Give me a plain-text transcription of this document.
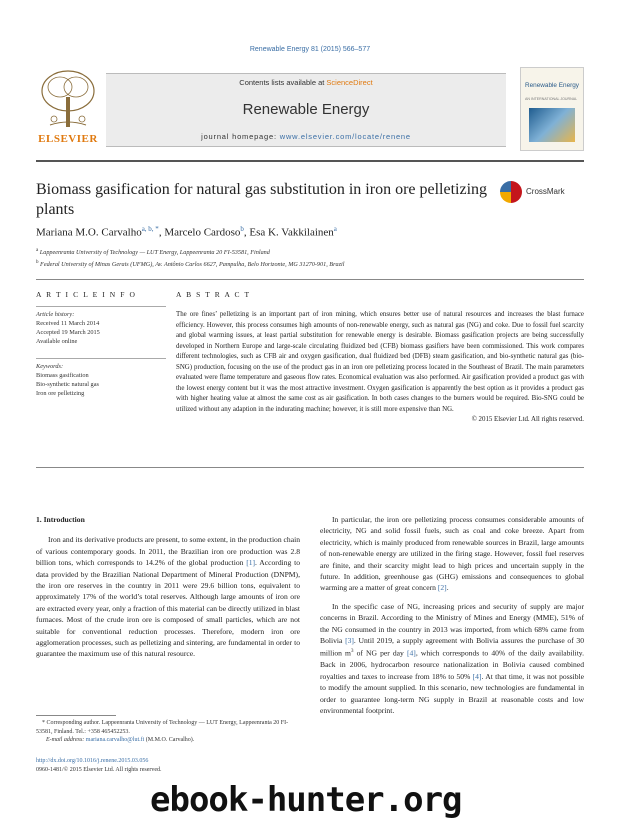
Renewable Energy 81 (2015) 566–577
ELSEVIER
Contents lists available at ScienceDirect
Renewable Energy
journal homepage: www.elsevier.com/locate/renene
Renewable Energy
AN INTERNATIONAL JOURNAL
Biomass gasification for natural gas substitution in iron ore pelletizing plants
CrossMark
Mariana M.O. Carvalho$^{a, b, *}$, Marcelo Cardoso$^b$, Esa K. Vakkilainen$^a$
$^a$ Lappeenranta University of Technology — LUT Energy, Lappeenranta 20 FI-53581, Finland
$^b$ Federal University of Minas Gerais (UFMG), Av. Antônio Carlos 6627, Pampulha, Belo Horizonte, MG 31270-901, Brazil
A R T I C L E I N F O
Article history:
Received 11 March 2014
Accepted 19 March 2015
Available online
Keywords:
Biomass gasification
Bio-synthetic natural gas
Iron ore pelletizing
A B S T R A C T
The ore fines’ pelletizing is an important part of iron mining, which ensures better use of natural resources and increases the blast furnace efficiency. However, this process consumes high amounts of non-renewable energy, such as natural gas (NG) and coke. Due to fossil fuel scarcity and global warming issues, at least partial substitution for renewable energy is desirable. Biomass gasification projects are being successfully developed in Northern Europe and large-scale circulating fluidized bed (CFB) biomass gasifiers have been commissioned. This work compares different technologies, such as CFB air and oxygen gasification, dual fluidized bed (DFB) steam gasification, and bio-synthetic natural gas (bio-SNG) production, focusing on the use of the product gas in an iron ore pelletizing process located in the Southeast of Brazil. The main parameters evaluated were flame temperature and gaseous flow rates. Economical evaluation was also performed. Air gasification provided a product gas with the lowest energy content but it was the most attractive investment. Oxygen gasification is apparently the best option as it provides a product gas with higher heating value at almost the same cost as air gasification. In both cases changes to the burners would be required. Bio-SNG could be utilized without any adaption in the indurating machine; however, it is still more expensive than NG.
© 2015 Elsevier Ltd. All rights reserved.
1. Introduction

Iron and its derivative products are present, to some extent, in the production chain of various contemporary goods. In 2011, the Brazilian iron ore production was 2.8 billion tons, which corresponds to 14.2% of the global production [1]. According to data provided by the Brazilian National Department of Mineral Production (DNPM), the iron ore reserves in the country in 2011 were 29.6 billion tons, equivalent to approximately 17% of the world’s total reserves. Although large amounts of iron ore are extracted every year, only a fraction of this material can be directly utilized in blast furnaces. Most of the crude iron ore is composed of small particles, which are not suitable for conventional reduction processes. Therefore, modern iron ore agglomeration processes, such as pelletizing and sintering, are fundamental in order to guarantee the maximum use of this natural resource.

In particular, the iron ore pelletizing process consumes considerable amounts of electricity, NG and solid fossil fuels, such as coal and coke breeze. Apart from electricity, which is mainly produced from renewable sources in Brazil, large amounts of non-renewable energy are utilized in the firing stage. However, fossil fuel reserves are finite, and their scarcity might lead to high prices and uncertain supply in the future. In addition, greenhouse gas (GHG) emissions and consequences to global warming are a matter of great concern [2].

In the specific case of NG, increasing prices and security of supply are major concerns in Brazil. According to the Ministry of Mines and Energy (MME), 51% of the NG consumed in the country in 2013 was imported, from which 68% came from Bolivia [3]. Until 2019, a supply agreement with Bolivia assures the purchase of 30 million $m^3$ of NG per day [4], which corresponds to 40% of the daily availability. Back in 2006, hydrocarbon resource nationalization in Bolivia caused combined royalties and taxes to increase from 18% to 50% [4]. At that time, it was not possible to modify the amount supplied. In this scenario, new technologies are fundamental in order to guarantee long-term NG supply in Brazil at reasonable costs and low environmental footprint.

* Corresponding author. Lappeenranta University of Technology — LUT Energy, Lappeenranta 20 FI-53581, Finland. Tel.: +358 465452253.
E-mail address: mariana.carvalho@lut.fi (M.M.O. Carvalho).
http://dx.doi.org/10.1016/j.renene.2015.03.056
0960-1481/© 2015 Elsevier Ltd. All rights reserved.
ebook-hunter.org
